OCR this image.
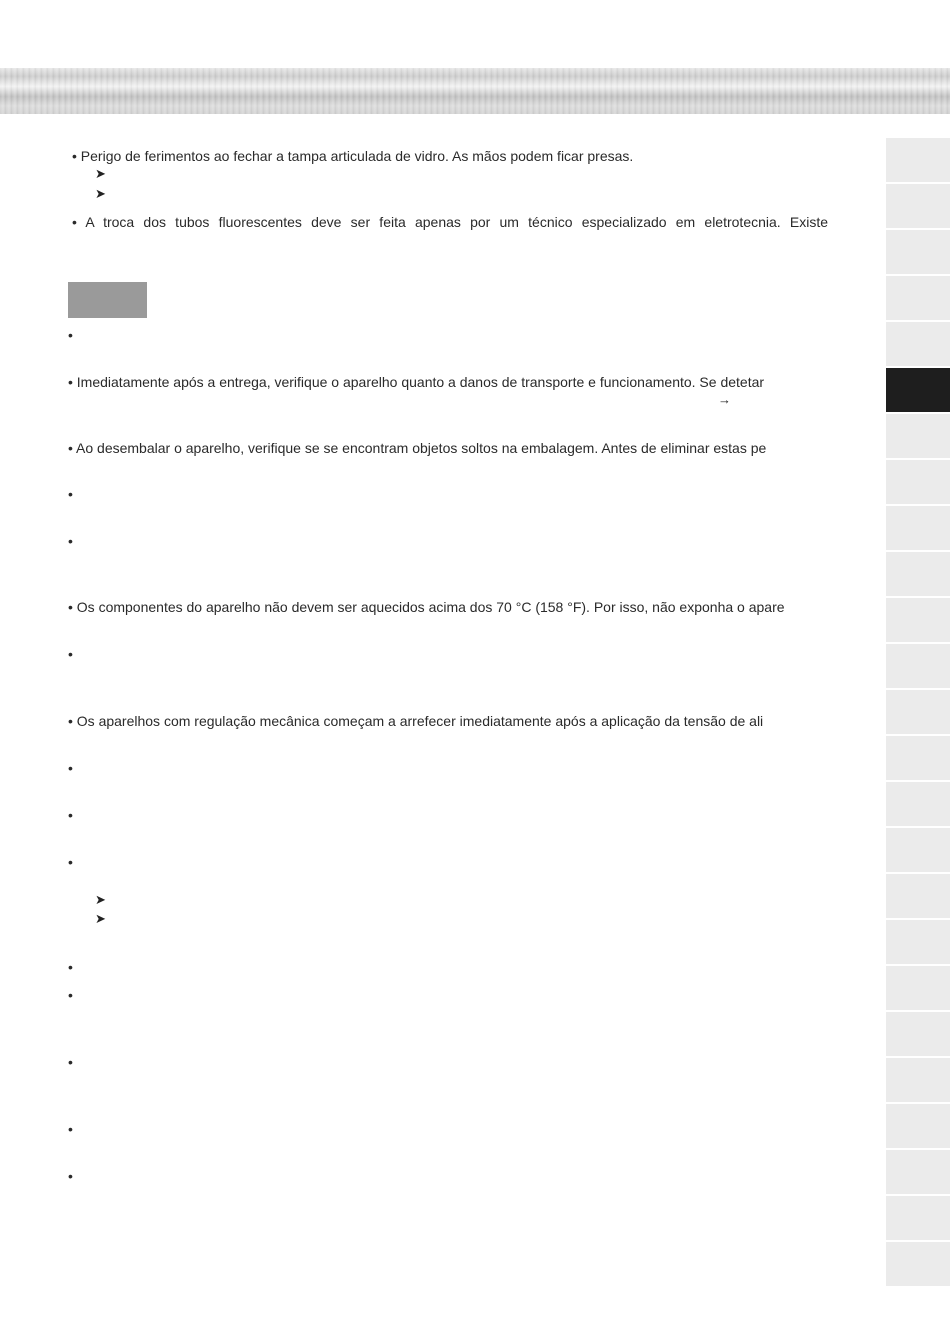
• Perigo de ferimentos ao fechar a tampa articulada de vidro. As mãos podem ficar presas.
➤
➤
• A troca dos tubos fluorescentes deve ser feita apenas por um técnico especializado em eletrotecnia. Existe
•
• Imediatamente após a entrega, verifique o aparelho quanto a danos de transporte e funcionamento. Se detetar
→
• Ao desembalar o aparelho, verifique se se encontram objetos soltos na embalagem. Antes de eliminar estas pe
•
•
• Os componentes do aparelho não devem ser aquecidos acima dos 70 °C (158 °F). Por isso, não exponha o apare
•
• Os aparelhos com regulação mecânica começam a arrefecer imediatamente após a aplicação da tensão de ali
•
•
•
➤
➤
•
•
•
•
•
